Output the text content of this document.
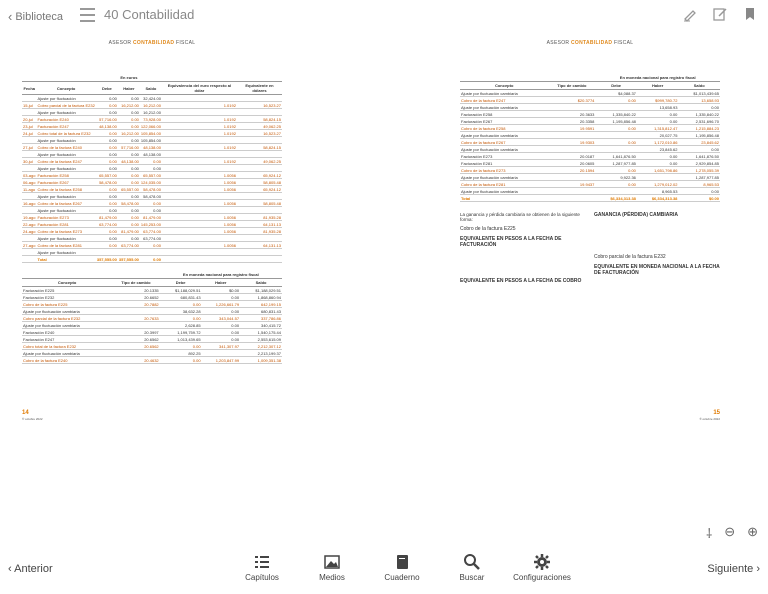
‹ Biblioteca	40 Contabilidad
ASESOR CONTABILIDAD FISCAL
		En euros				
Fecha	Concepto	Debe	Haber	Saldo	Equivalencia del euro respecto al dólar	Equivalente en dólares
	Ajuste por fluctuación	0.00	0.00	32,424.00		
15-jul	Cobro parcial de la factura E232	0.00	16,212.00	16,212.00	1.0192	16,523.27
	Ajuste por fluctuación	0.00	0.00	16,212.00		
20-jul	Facturación E240	57,716.00	0.00	73,928.00	1.0192	58,824.15
23-jul	Facturación E247	48,138.00	0.00	122,066.00	1.0192	49,062.25
24-jul	Cobro total de la factura E232	0.00	16,212.00	105,854.00	1.0192	16,523.27
	Ajuste por fluctuación	0.00	0.00	105,854.00		
27-jul	Cobro de la factura E240	0.00	57,716.00	48,138.00	1.0192	58,824.15
	Ajuste por fluctuación	0.00	0.00	48,138.00		
30-jul	Cobro de la factura E247	0.00	48,138.00	0.00	1.0192	49,062.25
	Ajuste por fluctuación	0.00	0.00	0.00		
03-ago	Facturación E258	65,557.00	0.00	65,557.00	1.0056	65,924.12
06-ago	Facturación E267	58,478.00	0.00	124,035.00	1.0056	58,805.48
11-ago	Cobro de la factura E258	0.00	65,557.00	58,478.00	1.0056	65,924.12
	Ajuste por fluctuación	0.00	0.00	58,478.00		
16-ago	Cobro de la factura E267	0.00	58,478.00	0.00	1.0056	58,805.48
	Ajuste por fluctuación	0.00	0.00	0.00		
19-ago	Facturación E273	81,479.00	0.00	81,479.00	1.0056	81,935.28
22-ago	Facturación E281	63,774.00	0.00	145,253.00	1.0056	64,131.13
24-ago	Cobro de la factura E273	0.00	81,479.00	63,774.00	1.0056	81,935.28
	Ajuste por fluctuación	0.00	0.00	63,774.00		
27-ago	Cobro de la factura E281	0.00	63,774.00	0.00	1.0056	64,131.13
	Ajuste por fluctuación					
	Total	357,555.00	357,555.00	0.00		
		En moneda nacional para registro fiscal		
Concepto	Tipo de cambio	Debe	Haber	Saldo
Facturación E225	20.1335	$1,188,029.51	$0.00	$1,188,029.51
Facturación E232	20.6652	680,831.43	0.00	1,868,860.94
Cobro de la factura E225	20.7882	0.00	1,226,661.79	642,199.15
Ajuste por fluctuación cambiaria		38,632.28	0.00	680,831.43
Cobro parcial de la factura E232	20.7633	0.00	343,044.57	337,786.86
Ajuste por fluctuación cambiaria		2,628.85	0.00	340,415.72
Facturación E240	20.3997	1,199,759.72	0.00	1,540,175.44
Facturación E247	20.6562	1,013,439.65	0.00	2,553,615.09
Cobro total de la factura E232	20.6562	0.00	341,307.97	2,212,307.12
Ajuste por fluctuación cambiaria		892.25		2,213,199.37
Cobro de la factura E240	20.4632	0.00	1,203,847.99	1,009,351.38
14
® octubre 2022
ASESOR CONTABILIDAD FISCAL
		En moneda nacional para registro fiscal		
Concepto	Tipo de cambio	Debe	Haber	Saldo
Ajuste por fluctuación cambiaria		$4,088.37		$1,013,439.65
Cobro de la factura E247	$20.3774	0.00	$999,780.72	13,658.93
Ajuste por fluctuación cambiaria			13,658.93	0.00
Facturación E258	20.3633	1,335,840.22	0.00	1,335,840.22
Facturación E267	20.3358	1,195,856.48	0.00	2,531,696.70
Cobro de la factura E258	19.9591	0.00	1,315,812.47	1,215,884.23
Ajuste por fluctuación cambiaria			20,027.75	1,195,856.48
Cobro de la factura E267	19.9303	0.00	1,172,010.86	23,845.62
Ajuste por fluctuación cambiaria			23,845.62	0.00
Facturación E273	20.0187	1,641,876.50	0.00	1,641,876.50
Facturación E281	20.0605	1,287,977.85	0.00	2,929,854.85
Cobro de la factura E273	20.1594	0.00	1,651,798.86	1,278,055.39
Ajuste por fluctuación cambiaria		9,922.36		1,287,977.85
Cobro de la factura E281	19.9437	0.00	1,279,012.02	8,965.53
Ajuste por fluctuación cambiaria			8,965.53	0.00
Total		$6,334,313.38	$6,334,313.38	$0.00
La ganancia y pérdida cambiaria se obtienen de la siguiente forma:
Cobro de la factura E225
EQUIVALENTE EN PESOS A LA FECHA DE FACTURACIÓN
EQUIVALENTE EN PESOS A LA FECHA DE COBRO
GANANCIA (PÉRDIDA) CAMBIARIA
Cobro parcial de la factura E232
EQUIVALENTE EN MONEDA NACIONAL A LA FECHA DE FACTURACIÓN
15
® octubre 2022
⸸ ⊖ ⊕
‹ Anterior
Capítulos	Medios	Cuaderno	Buscar	Configuraciones
Siguiente ›
